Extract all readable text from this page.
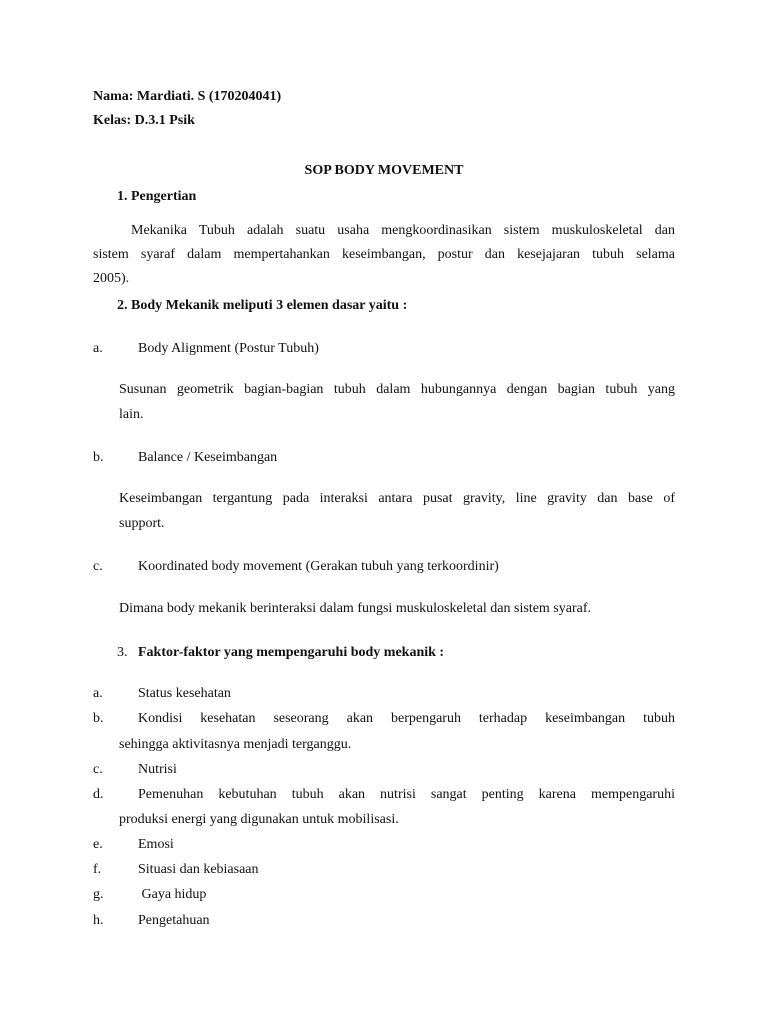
Nama: Mardiati. S (170204041)
Kelas: D.3.1 Psik
SOP BODY MOVEMENT
1. Pengertian
Mekanika Tubuh adalah suatu usaha mengkoordinasikan sistem muskuloskeletal dan
sistem syaraf dalam mempertahankan keseimbangan, postur dan kesejajaran tubuh selama
2005).
2. Body Mekanik meliputi 3 elemen dasar yaitu :
a.	Body Alignment (Postur Tubuh)
Susunan geometrik bagian-bagian tubuh dalam hubungannya dengan bagian tubuh yang
lain.
b. Balance / Keseimbangan
Keseimbangan tergantung pada interaksi antara pusat gravity, line gravity dan base of
support.
c.	Koordinated body movement (Gerakan tubuh yang terkoordinir)
Dimana body mekanik berinteraksi dalam fungsi muskuloskeletal dan sistem syaraf.
3. Faktor-faktor yang mempengaruhi body mekanik :
a.	Status kesehatan
b. Kondisi kesehatan seseorang akan berpengaruh terhadap keseimbangan tubuh
sehingga aktivitasnya menjadi terganggu.
c.	Nutrisi
d. Pemenuhan kebutuhan tubuh akan nutrisi sangat penting karena mempengaruhi
produksi energi yang digunakan untuk mobilisasi.
e.	Emosi
f.	Situasi dan kebiasaan
g. Gaya hidup
h. Pengetahuan
